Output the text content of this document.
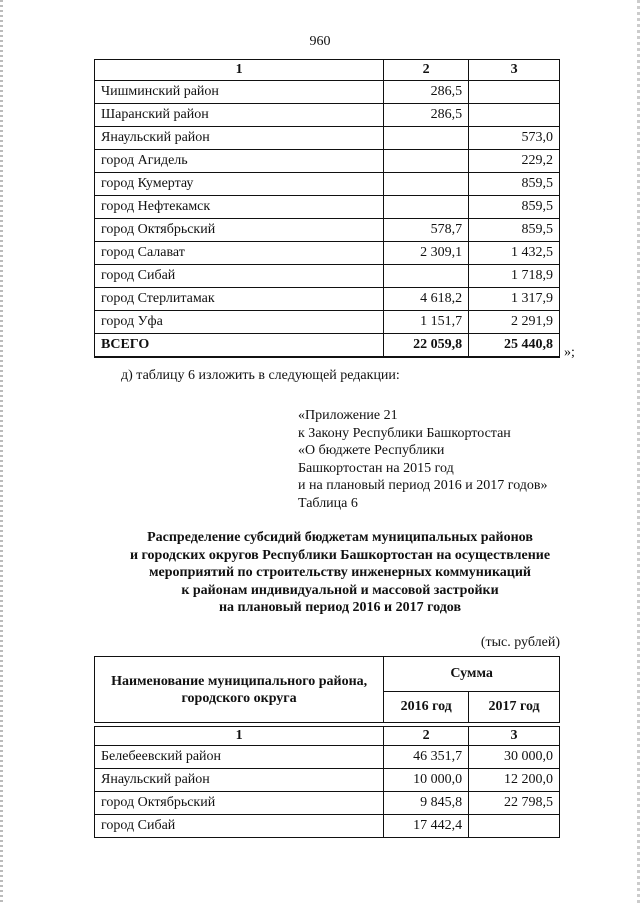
960
1	2	3
Чишминский район	286,5	
Шаранский район	286,5	
Янаульский район		573,0
город Агидель		229,2
город Кумертау		859,5
город Нефтекамск		859,5
город Октябрьский	578,7	859,5
город Салават	2 309,1	1 432,5
город Сибай		1 718,9
город Стерлитамак	4 618,2	1 317,9
город Уфа	1 151,7	2 291,9
ВСЕГО	22 059,8	25 440,8
»;
д) таблицу 6 изложить в следующей редакции:
«Приложение 21
к Закону Республики Башкортостан
«О бюджете Республики
Башкортостан на 2015 год
и на плановый период 2016 и 2017 годов»
Таблица 6
Распределение субсидий бюджетам муниципальных районов
и городских округов Республики Башкортостан на осуществление
мероприятий по строительству инженерных коммуникаций
к районам индивидуальной и массовой застройки
на плановый период 2016 и 2017 годов
(тыс. рублей)
Наименование муниципального района, городского округа	Сумма	
	2016 год	2017 год

1	2	3
Белебеевский район	46 351,7	30 000,0
Янаульский район	10 000,0	12 200,0
город Октябрьский	9 845,8	22 798,5
город Сибай	17 442,4	
